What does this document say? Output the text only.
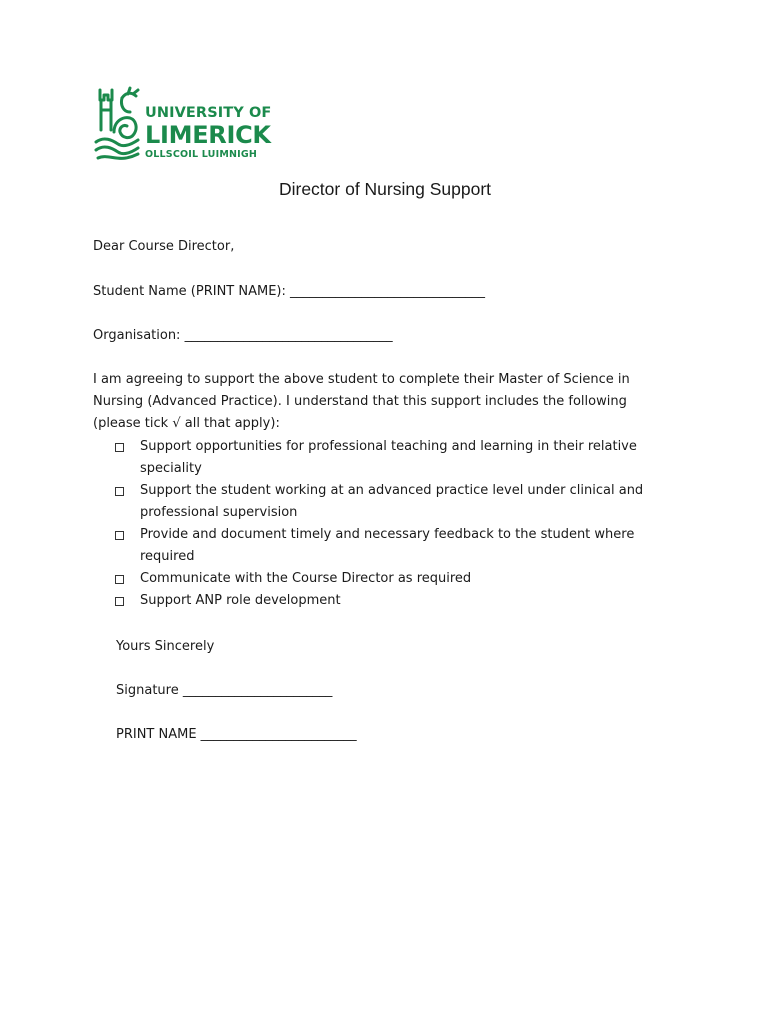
UNIVERSITY OF
LIMERICK
OLLSCOIL LUIMNIGH
Director of Nursing Support
Dear Course Director,
Student Name (PRINT NAME): ______________________________
Organisation: ________________________________
I am agreeing to support the above student to complete their Master of Science in
Nursing (Advanced Practice). I understand that this support includes the following
(please tick √ all that apply):
Support opportunities for professional teaching and learning in their relative
speciality
Support the student working at an advanced practice level under clinical and
professional supervision
Provide and document timely and necessary feedback to the student where
required
Communicate with the Course Director as required
Support ANP role development
Yours Sincerely
Signature _______________________
PRINT NAME ________________________
